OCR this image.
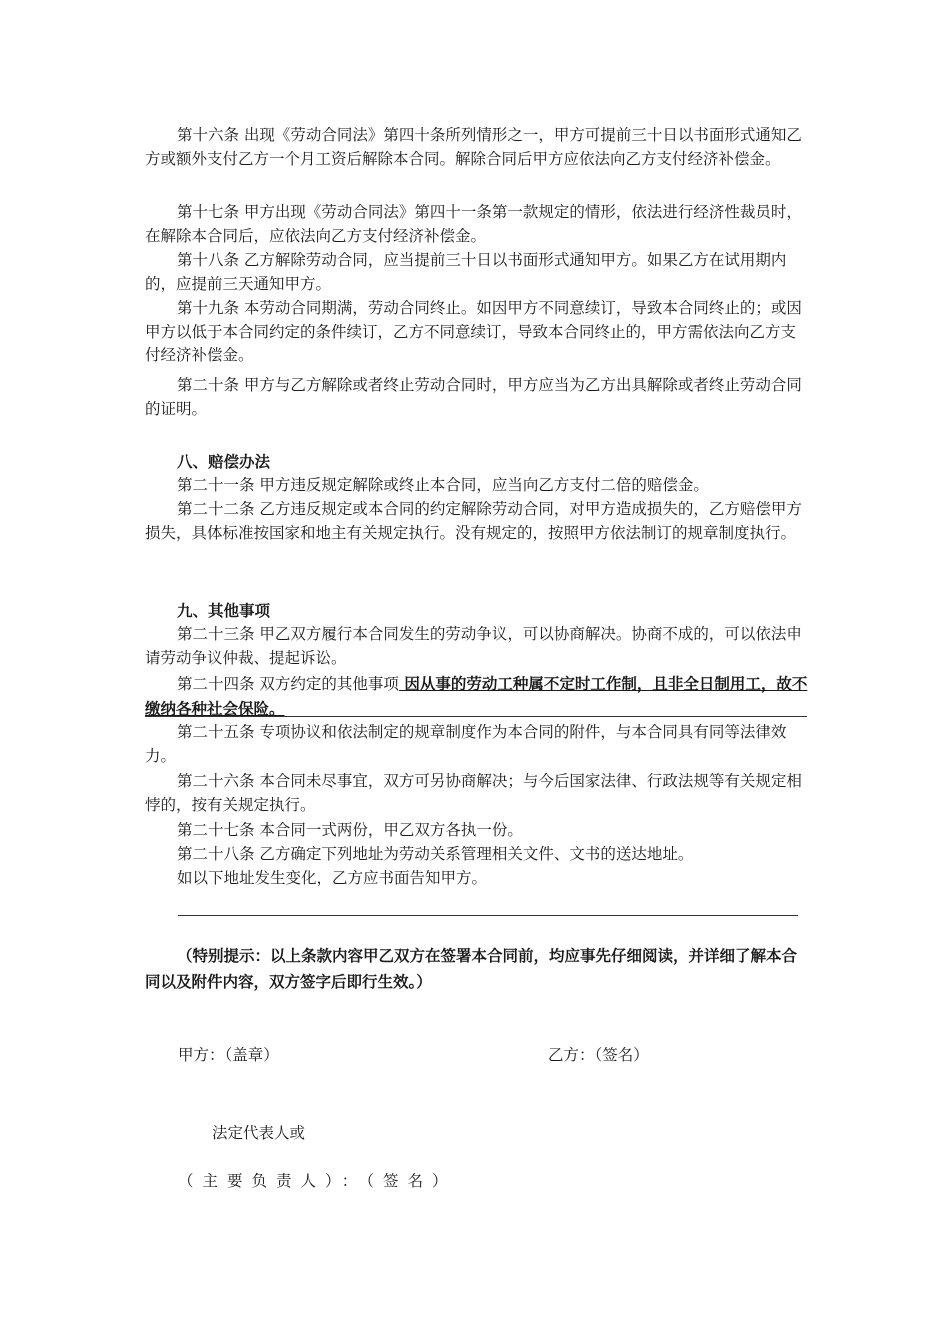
第十六条 出现《劳动合同法》第四十条所列情形之一，甲方可提前三十日以书面形式通知乙方或额外支付乙方一个月工资后解除本合同。解除合同后甲方应依法向乙方支付经济补偿金。

第十七条 甲方出现《劳动合同法》第四十一条第一款规定的情形，依法进行经济性裁员时，在解除本合同后，应依法向乙方支付经济补偿金。

第十八条 乙方解除劳动合同，应当提前三十日以书面形式通知甲方。如果乙方在试用期内的，应提前三天通知甲方。

第十九条 本劳动合同期满，劳动合同终止。如因甲方不同意续订，导致本合同终止的；或因甲方以低于本合同约定的条件续订，乙方不同意续订，导致本合同终止的，甲方需依法向乙方支付经济补偿金。

第二十条 甲方与乙方解除或者终止劳动合同时，甲方应当为乙方出具解除或者终止劳动合同的证明。

八、赔偿办法

第二十一条 甲方违反规定解除或终止本合同，应当向乙方支付二倍的赔偿金。

第二十二条 乙方违反规定或本合同的约定解除劳动合同，对甲方造成损失的，乙方赔偿甲方损失，具体标准按国家和地主有关规定执行。没有规定的，按照甲方依法制订的规章制度执行。

九、其他事项

第二十三条 甲乙双方履行本合同发生的劳动争议，可以协商解决。协商不成的，可以依法申请劳动争议仲裁、提起诉讼。

第二十四条 双方约定的其他事项 因从事的劳动工种属不定时工作制，且非全日制用工，故不缴纳各种社会保险。

第二十五条 专项协议和依法制定的规章制度作为本合同的附件，与本合同具有同等法律效力。

第二十六条 本合同未尽事宜，双方可另协商解决；与今后国家法律、行政法规等有关规定相悖的，按有关规定执行。

第二十七条 本合同一式两份，甲乙双方各执一份。

第二十八条 乙方确定下列地址为劳动关系管理相关文件、文书的送达地址。

如以下地址发生变化，乙方应书面告知甲方。

（特别提示：以上条款内容甲乙双方在签署本合同前，均应事先仔细阅读，并详细了解本合同以及附件内容，双方签字后即行生效。）

甲方：（盖章）	乙方：（签名）
法定代表人或
（主要负责人）：（签名）
